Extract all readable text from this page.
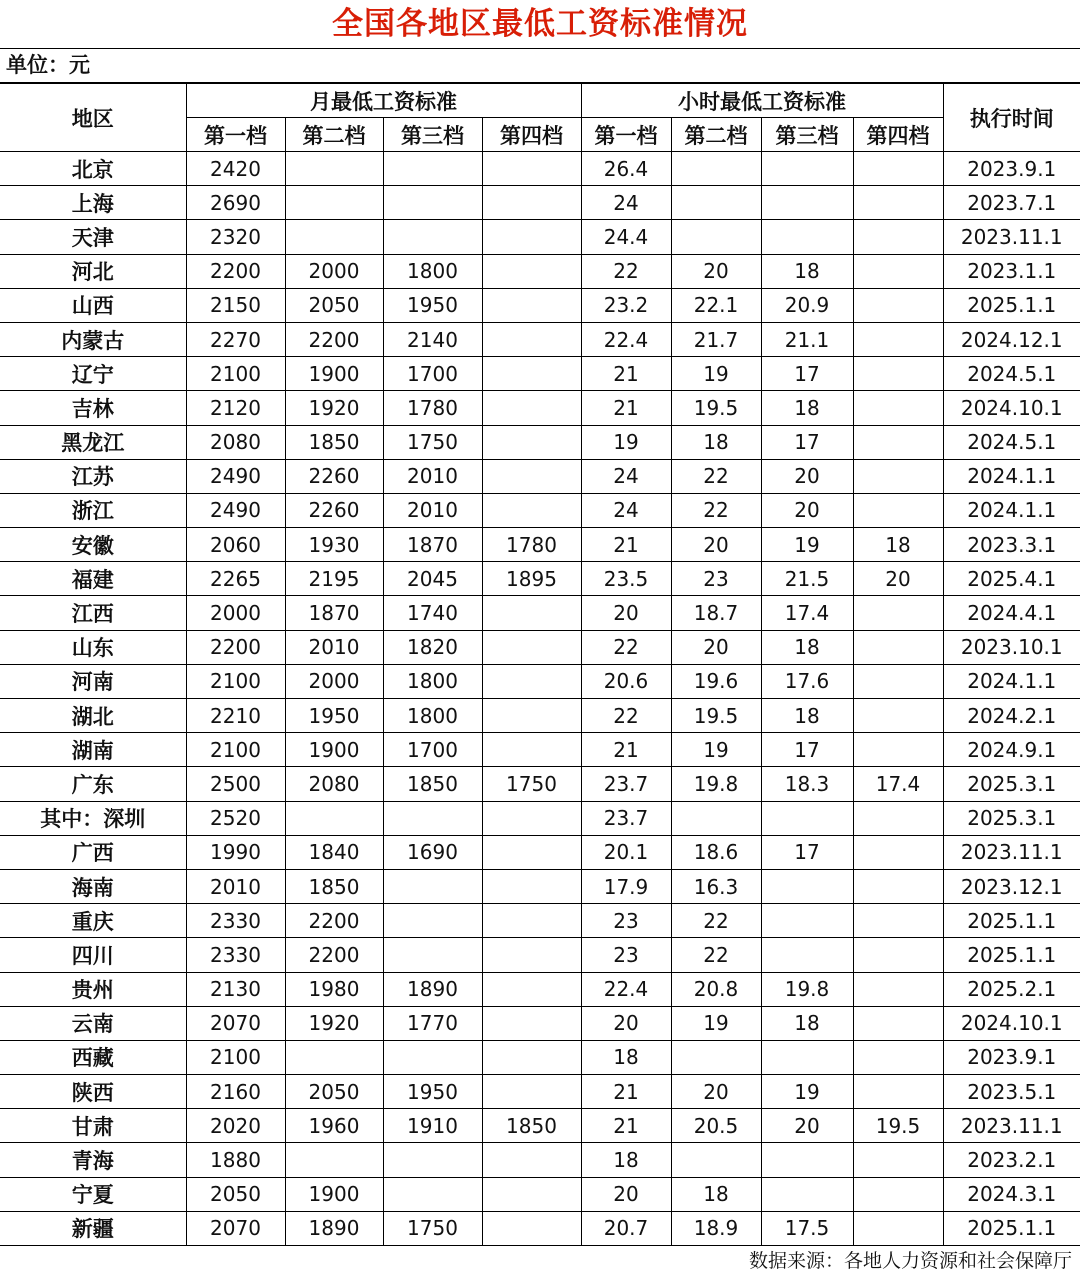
全国各地区最低工资标准情况
单位：元
地区	月最低工资标准				小时最低工资标准				执行时间
	第一档	第二档	第三档	第四档	第一档	第二档	第三档	第四档	
北京	2420				26.4				2023.9.1
上海	2690				24				2023.7.1
天津	2320				24.4				2023.11.1
河北	2200	2000	1800		22	20	18		2023.1.1
山西	2150	2050	1950		23.2	22.1	20.9		2025.1.1
内蒙古	2270	2200	2140		22.4	21.7	21.1		2024.12.1
辽宁	2100	1900	1700		21	19	17		2024.5.1
吉林	2120	1920	1780		21	19.5	18		2024.10.1
黑龙江	2080	1850	1750		19	18	17		2024.5.1
江苏	2490	2260	2010		24	22	20		2024.1.1
浙江	2490	2260	2010		24	22	20		2024.1.1
安徽	2060	1930	1870	1780	21	20	19	18	2023.3.1
福建	2265	2195	2045	1895	23.5	23	21.5	20	2025.4.1
江西	2000	1870	1740		20	18.7	17.4		2024.4.1
山东	2200	2010	1820		22	20	18		2023.10.1
河南	2100	2000	1800		20.6	19.6	17.6		2024.1.1
湖北	2210	1950	1800		22	19.5	18		2024.2.1
湖南	2100	1900	1700		21	19	17		2024.9.1
广东	2500	2080	1850	1750	23.7	19.8	18.3	17.4	2025.3.1
其中：深圳	2520				23.7				2025.3.1
广西	1990	1840	1690		20.1	18.6	17		2023.11.1
海南	2010	1850			17.9	16.3			2023.12.1
重庆	2330	2200			23	22			2025.1.1
四川	2330	2200			23	22			2025.1.1
贵州	2130	1980	1890		22.4	20.8	19.8		2025.2.1
云南	2070	1920	1770		20	19	18		2024.10.1
西藏	2100				18				2023.9.1
陕西	2160	2050	1950		21	20	19		2023.5.1
甘肃	2020	1960	1910	1850	21	20.5	20	19.5	2023.11.1
青海	1880				18				2023.2.1
宁夏	2050	1900			20	18			2024.3.1
新疆	2070	1890	1750		20.7	18.9	17.5		2025.1.1
数据来源：各地人力资源和社会保障厅
